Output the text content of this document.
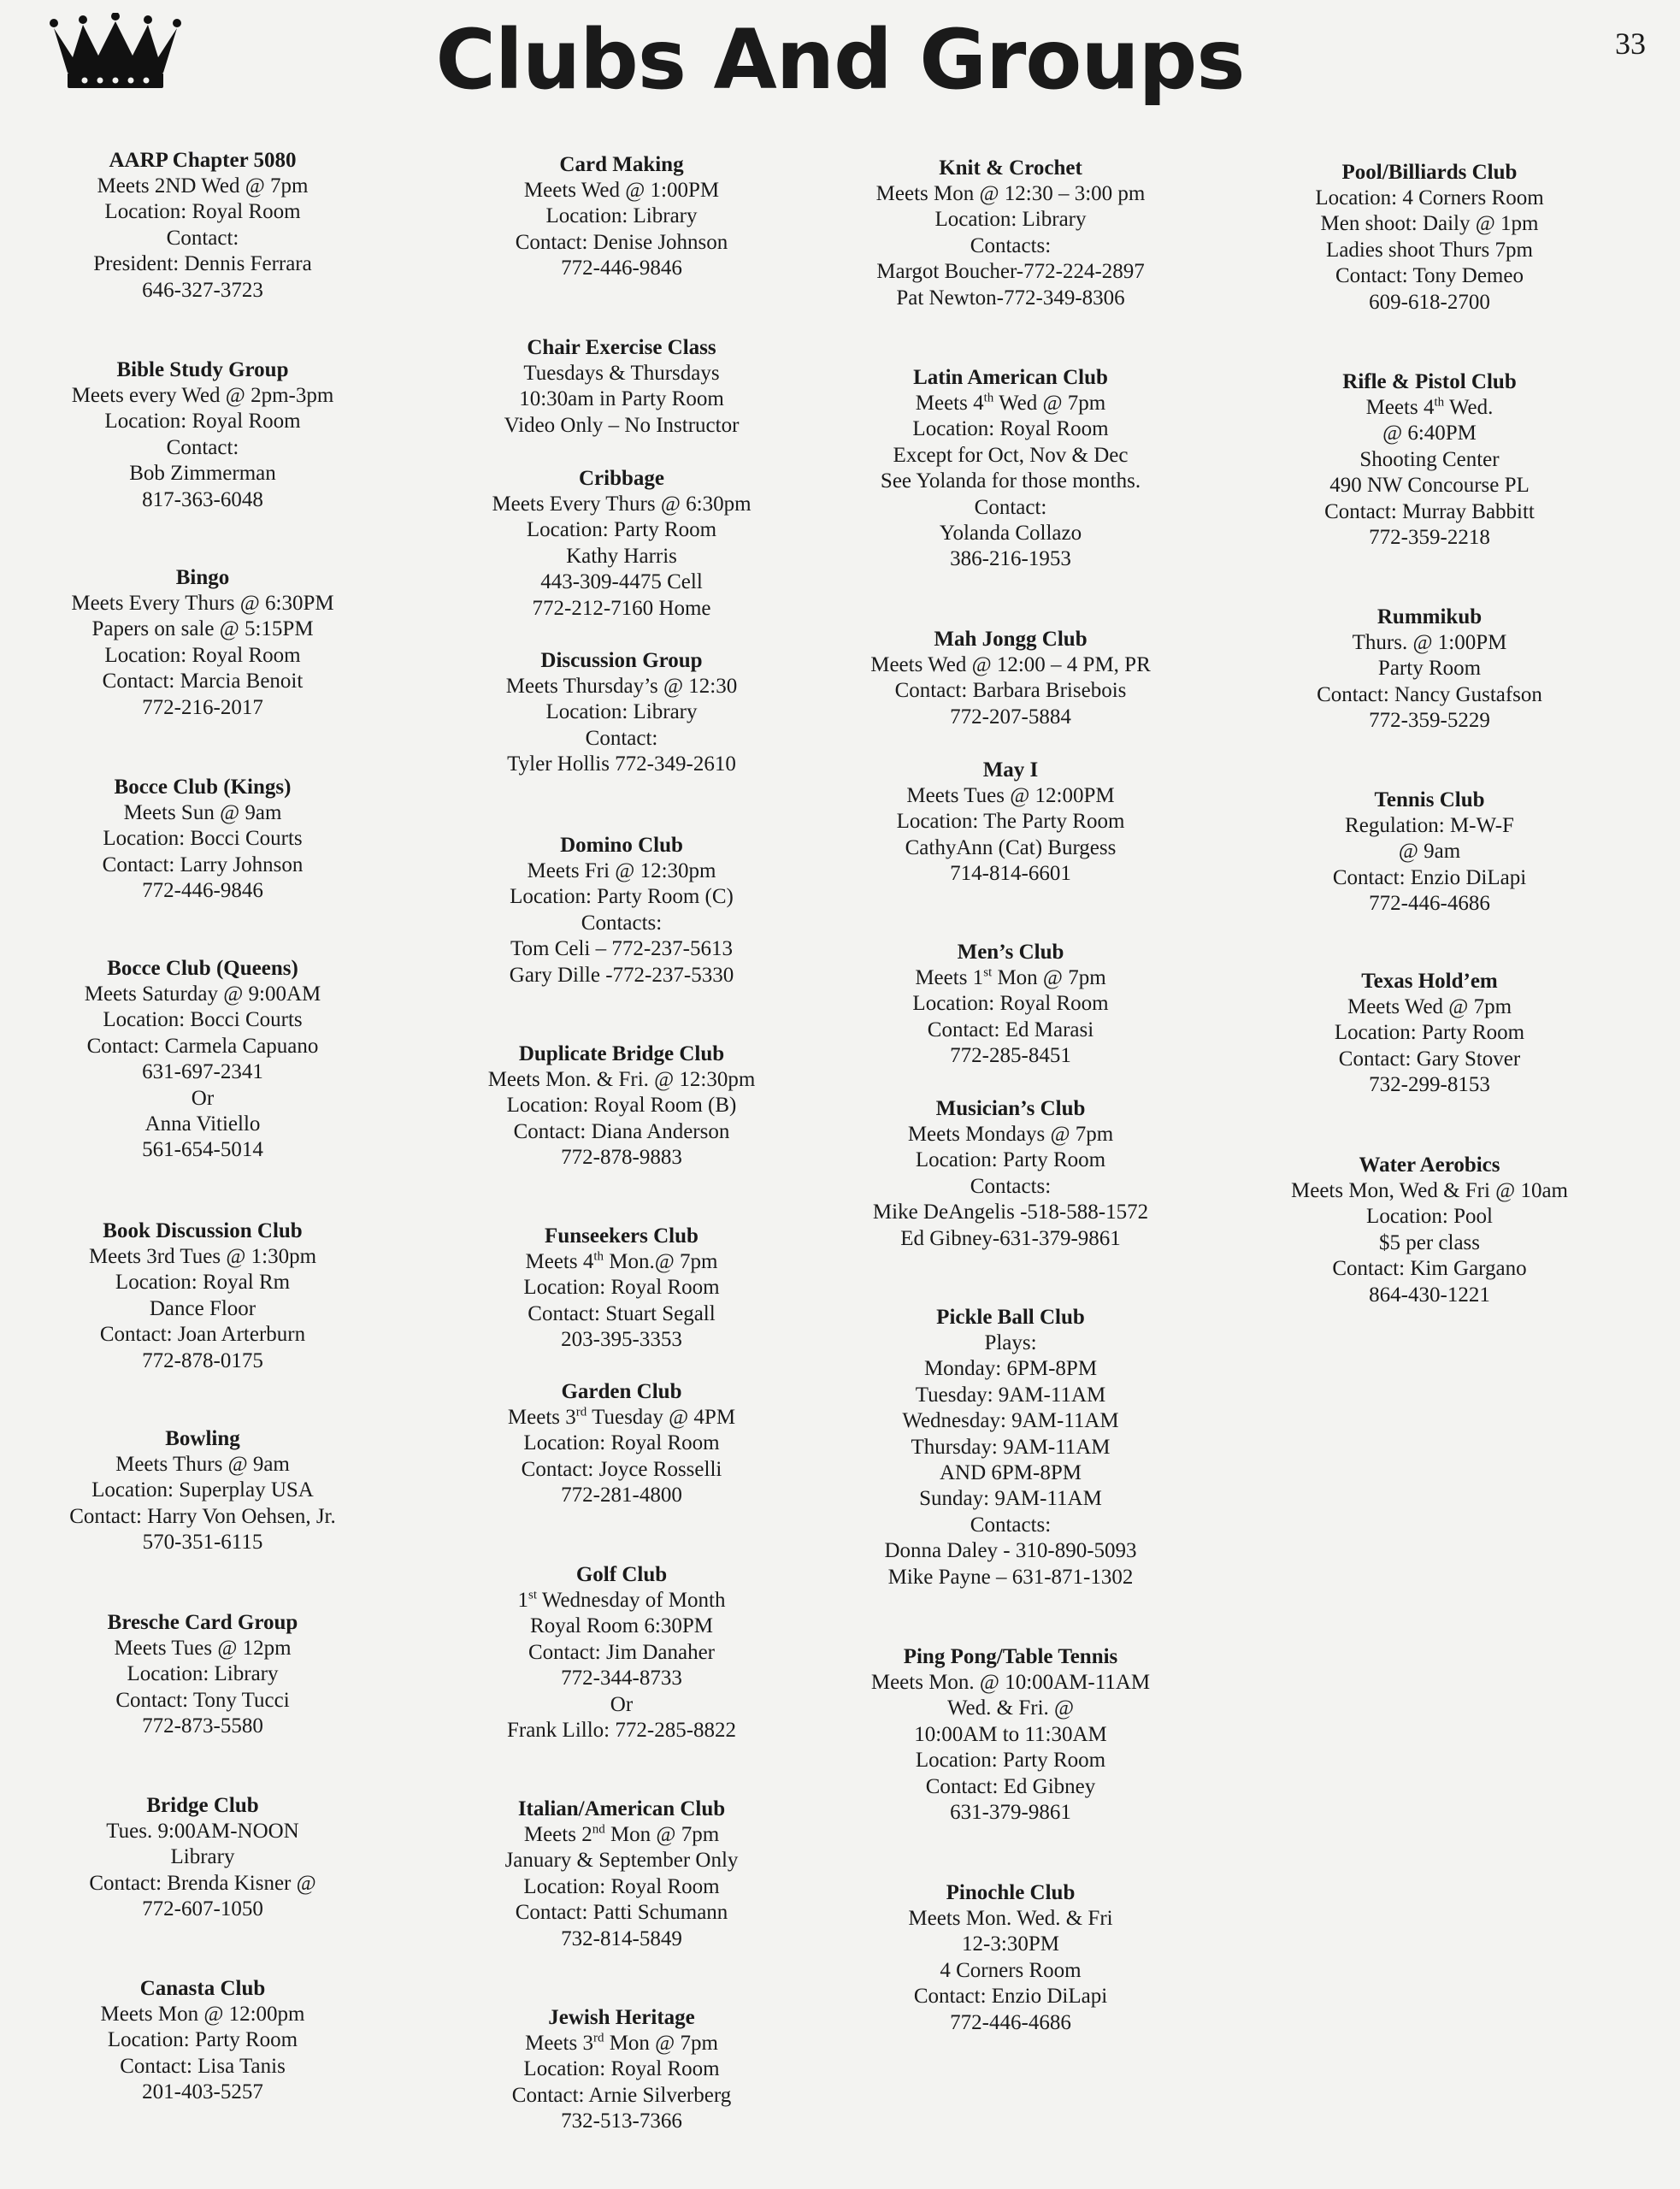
Clubs And Groups	33
AARP Chapter 5080
Meets 2ND Wed @ 7pm
Location: Royal Room
Contact:
President: Dennis Ferrara
646-327-3723
Bible Study Group
Meets every Wed @ 2pm-3pm
Location: Royal Room
Contact:
Bob Zimmerman
817-363-6048
Bingo
Meets Every Thurs @ 6:30PM
Papers on sale @ 5:15PM
Location: Royal Room
Contact: Marcia Benoit
772-216-2017
Bocce Club (Kings)
Meets Sun @ 9am
Location: Bocci Courts
Contact: Larry Johnson
772-446-9846
Bocce Club (Queens)
Meets Saturday @ 9:00AM
Location: Bocci Courts
Contact: Carmela Capuano
631-697-2341
Or
Anna Vitiello
561-654-5014
Book Discussion Club
Meets 3rd Tues @ 1:30pm
Location: Royal Rm
Dance Floor
Contact: Joan Arterburn
772-878-0175
Bowling
Meets Thurs @ 9am
Location: Superplay USA
Contact: Harry Von Oehsen, Jr.
570-351-6115
Bresche Card Group
Meets Tues @ 12pm
Location: Library
Contact: Tony Tucci
772-873-5580
Bridge Club
Tues. 9:00AM-NOON
Library
Contact: Brenda Kisner @
772-607-1050
Canasta Club
Meets Mon @ 12:00pm
Location: Party Room
Contact: Lisa Tanis
201-403-5257
Card Making
Meets Wed @ 1:00PM
Location: Library
Contact: Denise Johnson
772-446-9846
Chair Exercise Class
Tuesdays & Thursdays
10:30am in Party Room
Video Only – No Instructor
Cribbage
Meets Every Thurs @ 6:30pm
Location: Party Room
Kathy Harris
443-309-4475 Cell
772-212-7160 Home
Discussion Group
Meets Thursday’s @ 12:30
Location: Library
Contact:
Tyler Hollis 772-349-2610
Domino Club
Meets Fri @ 12:30pm
Location: Party Room (C)
Contacts:
Tom Celi – 772-237-5613
Gary Dille -772-237-5330
Duplicate Bridge Club
Meets Mon. & Fri. @ 12:30pm
Location: Royal Room (B)
Contact: Diana Anderson
772-878-9883
Funseekers Club
Meets 4th Mon.@ 7pm
Location: Royal Room
Contact: Stuart Segall
203-395-3353
Garden Club
Meets 3rd Tuesday @ 4PM
Location: Royal Room
Contact: Joyce Rosselli
772-281-4800
Golf Club
1st Wednesday of Month
Royal Room 6:30PM
Contact: Jim Danaher
772-344-8733
Or
Frank Lillo: 772-285-8822
Italian/American Club
Meets 2nd Mon @ 7pm
January & September Only
Location: Royal Room
Contact: Patti Schumann
732-814-5849
Jewish Heritage
Meets 3rd Mon @ 7pm
Location: Royal Room
Contact: Arnie Silverberg
732-513-7366
Knit & Crochet
Meets Mon @ 12:30 – 3:00 pm
Location: Library
Contacts:
Margot Boucher-772-224-2897
Pat Newton-772-349-8306
Latin American Club
Meets 4th Wed @ 7pm
Location: Royal Room
Except for Oct, Nov & Dec
See Yolanda for those months.
Contact:
Yolanda Collazo
386-216-1953
Mah Jongg Club
Meets Wed @ 12:00 – 4 PM, PR
Contact: Barbara Brisebois
772-207-5884
May I
Meets Tues @ 12:00PM
Location: The Party Room
CathyAnn (Cat) Burgess
714-814-6601
Men’s Club
Meets 1st Mon @ 7pm
Location: Royal Room
Contact: Ed Marasi
772-285-8451
Musician’s Club
Meets Mondays @ 7pm
Location: Party Room
Contacts:
Mike DeAngelis -518-588-1572
Ed Gibney-631-379-9861
Pickle Ball Club
Plays:
Monday: 6PM-8PM
Tuesday: 9AM-11AM
Wednesday: 9AM-11AM
Thursday: 9AM-11AM
AND 6PM-8PM
Sunday: 9AM-11AM
Contacts:
Donna Daley - 310-890-5093
Mike Payne – 631-871-1302
Ping Pong/Table Tennis
Meets Mon. @ 10:00AM-11AM
Wed. & Fri. @
10:00AM to 11:30AM
Location: Party Room
Contact: Ed Gibney
631-379-9861
Pinochle Club
Meets Mon. Wed. & Fri
12-3:30PM
4 Corners Room
Contact: Enzio DiLapi
772-446-4686
Pool/Billiards Club
Location: 4 Corners Room
Men shoot: Daily @ 1pm
Ladies shoot Thurs 7pm
Contact: Tony Demeo
609-618-2700
Rifle & Pistol Club
Meets 4th Wed.
@ 6:40PM
Shooting Center
490 NW Concourse PL
Contact: Murray Babbitt
772-359-2218
Rummikub
Thurs. @ 1:00PM
Party Room
Contact: Nancy Gustafson
772-359-5229
Tennis Club
Regulation: M-W-F
@ 9am
Contact: Enzio DiLapi
772-446-4686
Texas Hold’em
Meets Wed @ 7pm
Location: Party Room
Contact: Gary Stover
732-299-8153
Water Aerobics
Meets Mon, Wed & Fri @ 10am
Location: Pool
$5 per class
Contact: Kim Gargano
864-430-1221
